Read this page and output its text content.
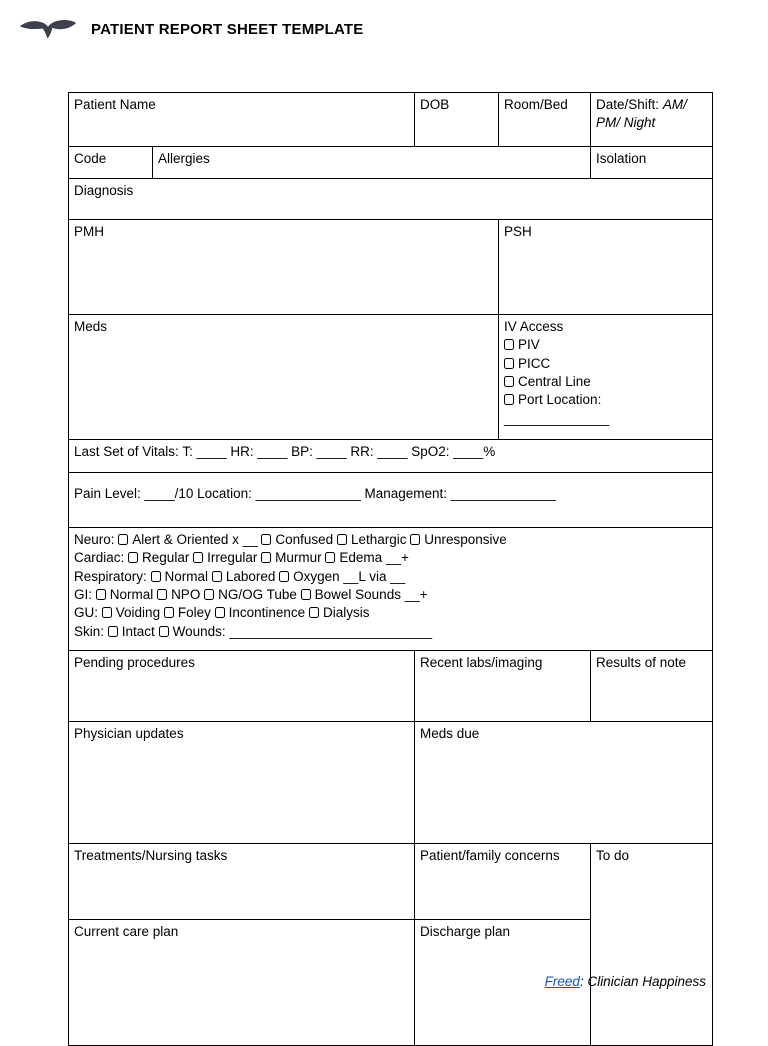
PATIENT REPORT SHEET TEMPLATE
Patient Name		DOB	Room/Bed	Date/Shift: AM/ PM/ Night
Code	Allergies			Isolation
Diagnosis				
PMH			PSH	
Meds	IV Access
PIV
PICC
Central Line
Port Location:
______________

Last Set of Vitals: T: ____ HR: ____ BP: ____ RR: ____ SpO2: ____%				
Pain Level: ____/10 Location: ______________ Management: ______________				

Neuro: Alert & Oriented x __ Confused Lethargic Unresponsive
Cardiac: Regular Irregular Murmur Edema __+
Respiratory: Normal Labored Oxygen __L via __
GI: Normal NPO NG/OG Tube Bowel Sounds __+
GU: Voiding Foley Incontinence Dialysis
Skin: Intact Wounds: ___________________________

Pending procedures		Recent labs/imaging		Results of note
Physician updates		Meds due		
Treatments/Nursing tasks		Patient/family concerns		To do
Current care plan		Discharge plan		
Freed: Clinician Happiness
